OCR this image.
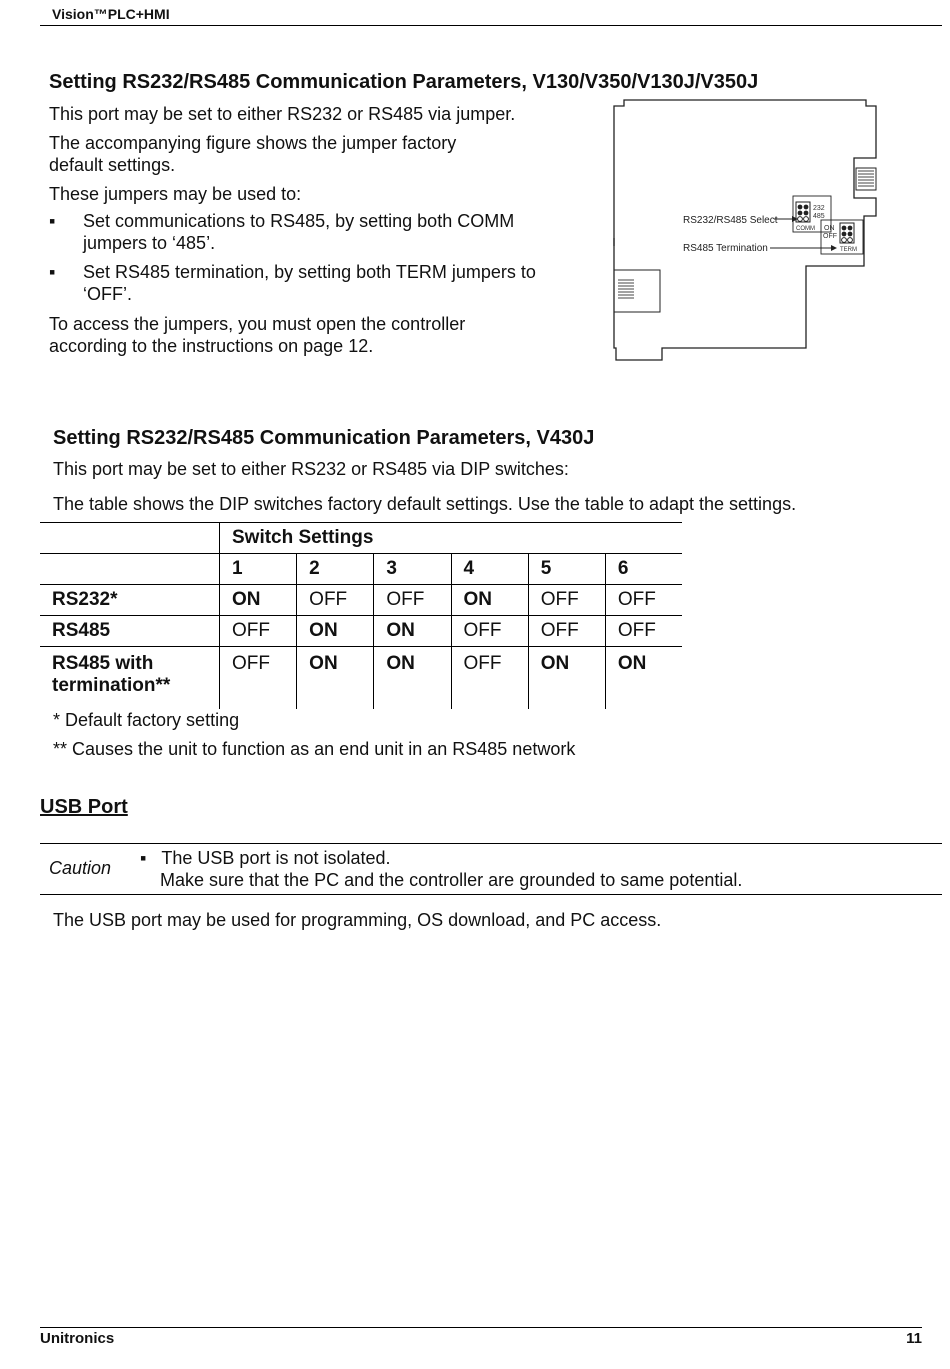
Vision™PLC+HMI
Setting RS232/RS485 Communication Parameters, V130/V350/V130J/V350J

This port may be set to either RS232 or RS485 via jumper.

The accompanying figure shows the jumper factory

default settings.

These jumpers may be used to:

▪ Set communications to RS485, by setting both COMM
jumpers to ‘485’.
▪ Set RS485 termination, by setting both TERM jumpers to
‘OFF’.

To access the jumpers, you must open the controller

according to the instructions on page 12.

232
485
COMM ON
OFF
TERM
RS232/RS485 Select
RS485 Termination
Setting RS232/RS485 Communication Parameters, V430J

This port may be set to either RS232 or RS485 via DIP switches:

The table shows the DIP switches factory default settings. Use the table to adapt the settings.

	Switch Settings					
	1	2	3	4	5	6
RS232*	ON	OFF	OFF	ON	OFF	OFF
RS485	OFF	ON	ON	OFF	OFF	OFF
RS485 with
termination**	OFF	ON	ON	OFF	ON	ON

* Default factory setting

** Causes the unit to function as an end unit in an RS485 network

USB Port
Caution ▪ The USB port is not isolated.
Make sure that the PC and the controller are grounded to same potential.

The USB port may be used for programming, OS download, and PC access.

Unitronics	11
